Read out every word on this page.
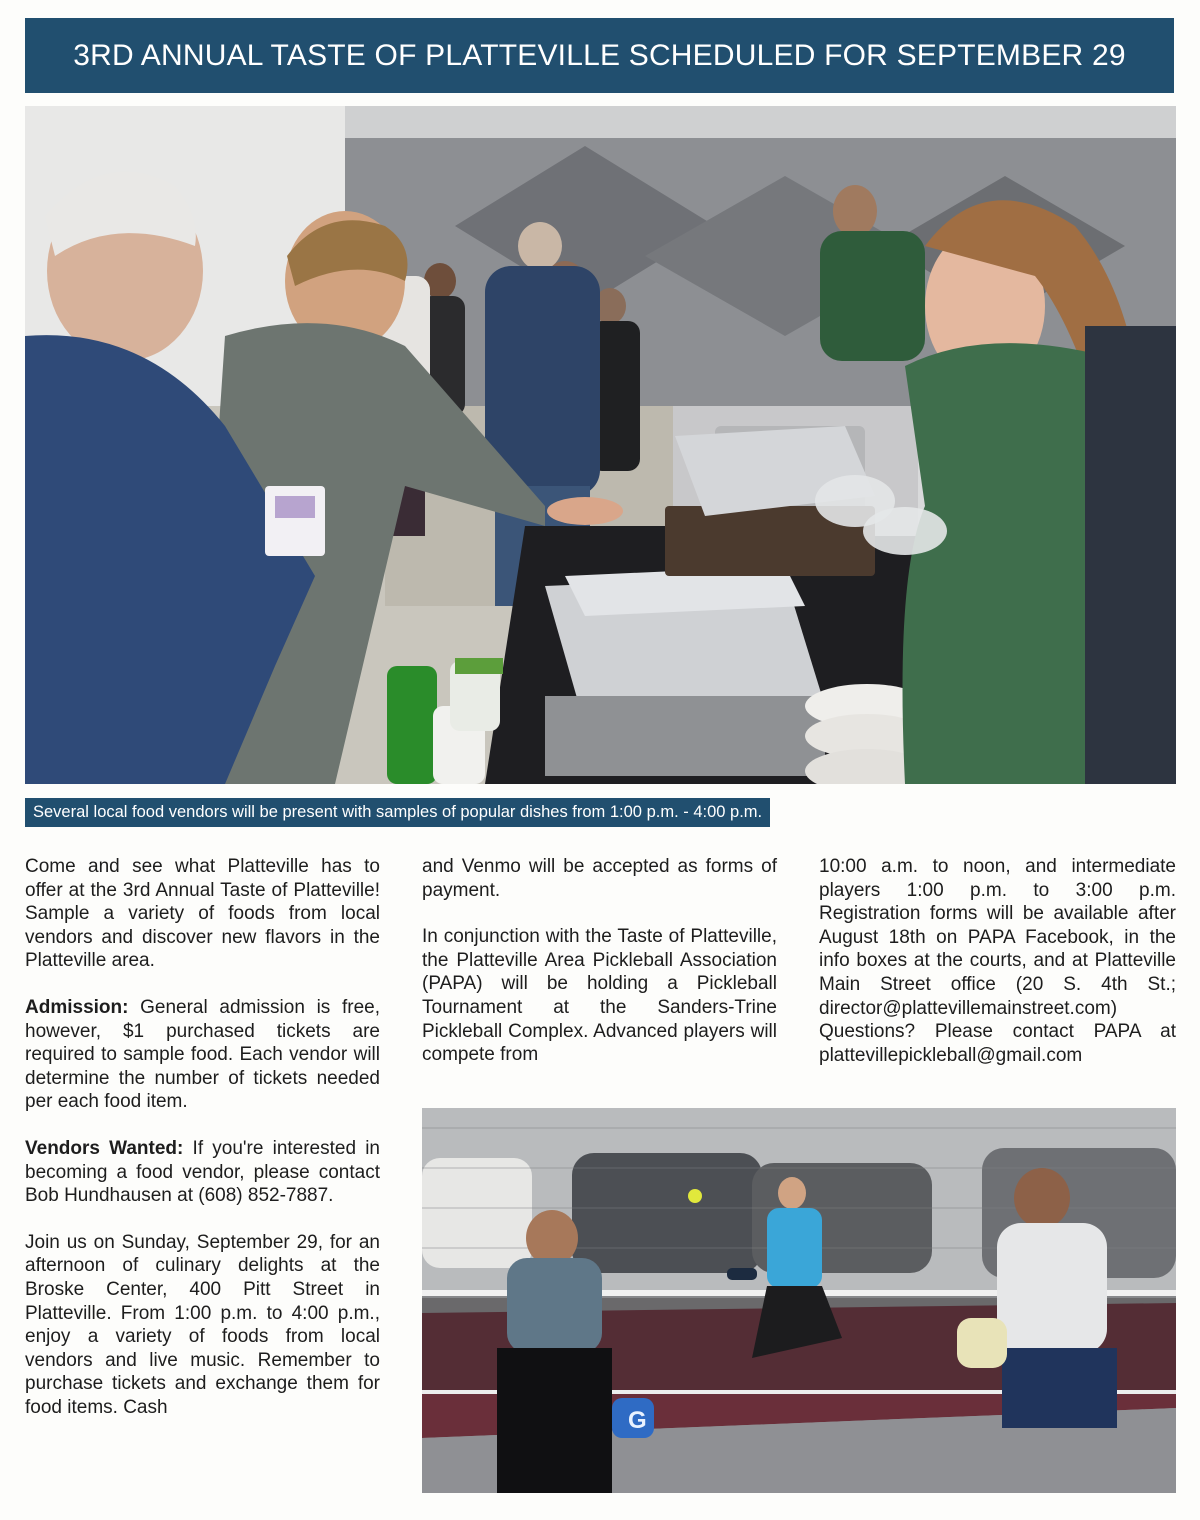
3RD ANNUAL TASTE OF PLATTEVILLE SCHEDULED FOR SEPTEMBER 29
Several local food vendors will be present with samples of popular dishes from 1:00 p.m. - 4:00 p.m.

Come and see what Platteville has to offer at the 3rd Annual Taste of Platteville! Sample a variety of foods from local vendors and discover new flavors in the Platteville area.

Admission: General admission is free, however, $1 purchased tickets are required to sample food. Each vendor will determine the number of tickets needed per each food item.

Vendors Wanted: If you're interested in becoming a food vendor, please contact Bob Hundhausen at (608) 852-7887.

Join us on Sunday, September 29, for an afternoon of culinary delights at the Broske Center, 400 Pitt Street in Platteville. From 1:00 p.m. to 4:00 p.m., enjoy a variety of foods from local vendors and live music. Remember to purchase tickets and exchange them for food items. Cash

and Venmo will be accepted as forms of payment.

In conjunction with the Taste of Platteville, the Platteville Area Pickleball Association (PAPA) will be holding a Pickleball Tournament at the Sanders-Trine Pickleball Complex. Advanced players will compete from

10:00 a.m. to noon, and intermediate players 1:00 p.m. to 3:00 p.m. Registration forms will be available after August 18th on PAPA Facebook, in the info boxes at the courts, and at Platteville Main Street office (20 S. 4th St.; director@plattevillemainstreet.com) Questions? Please contact PAPA at plattevillepickleball@gmail.com

G
